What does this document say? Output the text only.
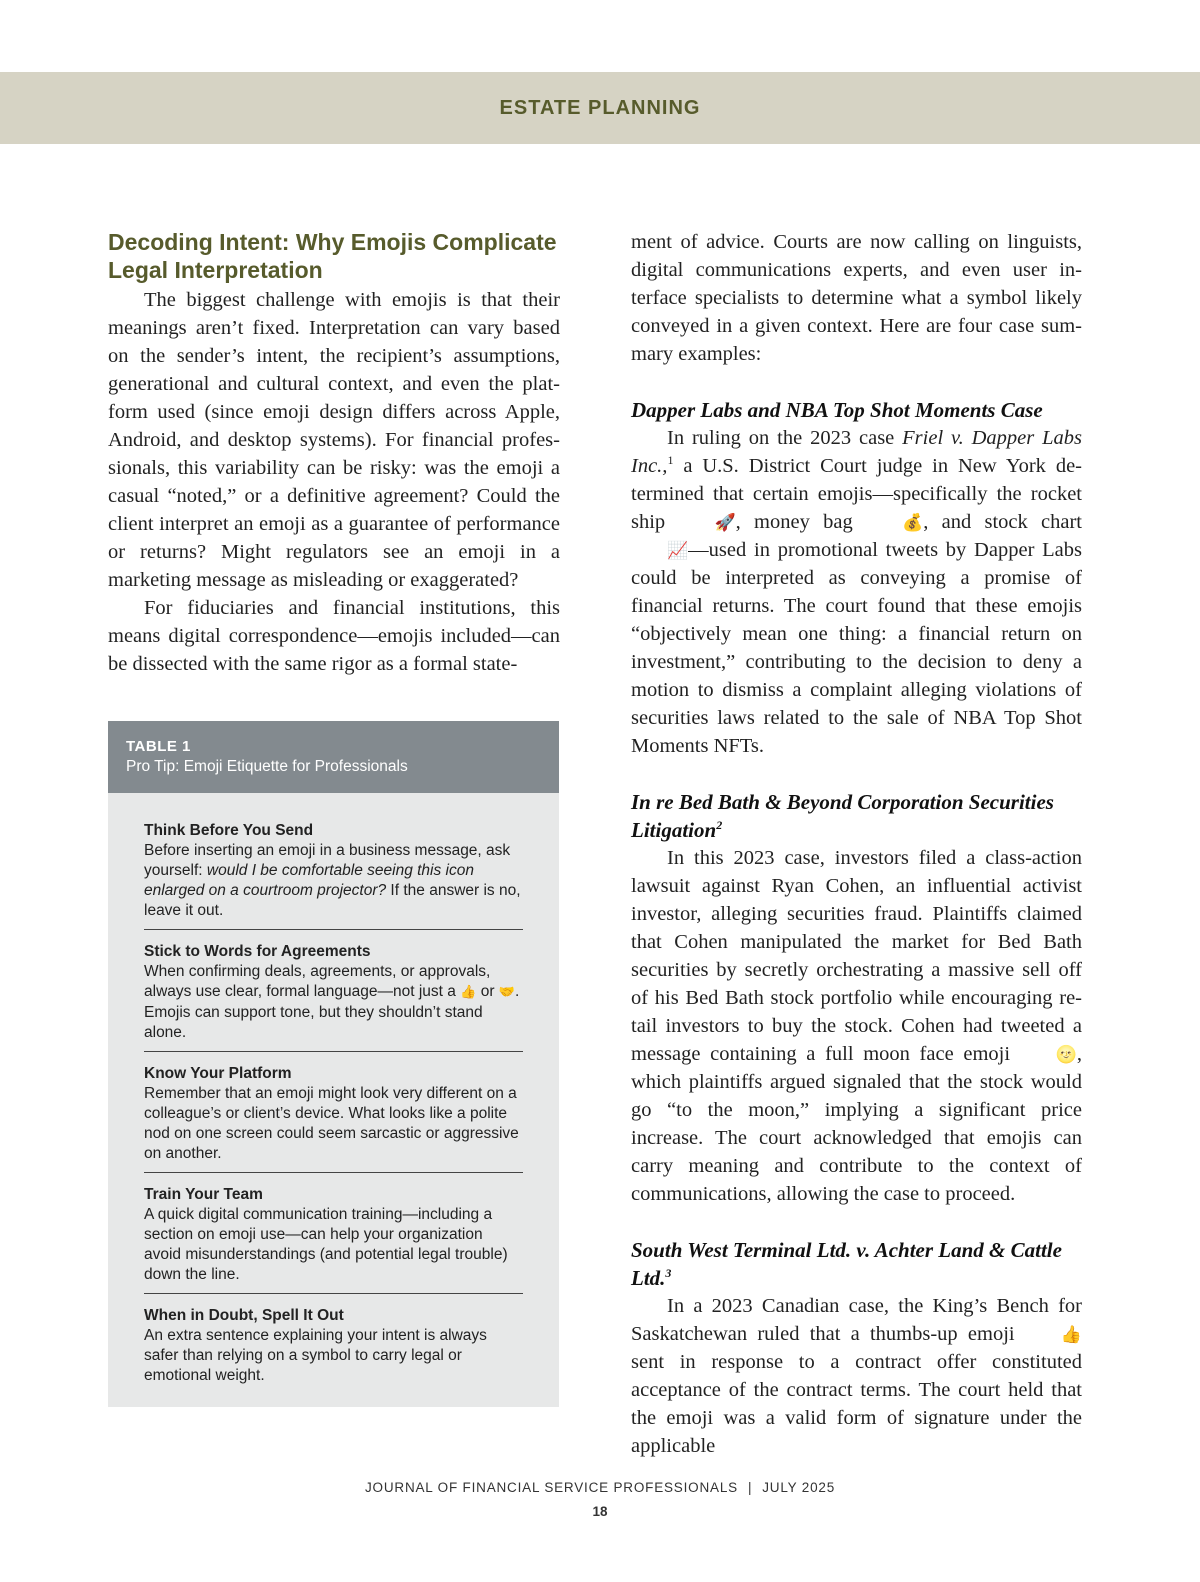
ESTATE PLANNING
Decoding Intent: Why Emojis Complicate Legal Interpretation

The biggest challenge with emojis is that their meanings aren’t fixed. Interpretation can vary based on the sender’s intent, the recipient’s assumptions, generational and cultural context, and even the platform used (since emoji design differs across Apple, Android, and desktop systems). For financial professionals, this variability can be risky: was the emoji a casual “noted,” or a definitive agreement? Could the client interpret an emoji as a guarantee of performance or returns? Might regulators see an emoji in a marketing message as misleading or exaggerated?

For fiduciaries and financial institutions, this means digital correspondence—emojis included—can be dissected with the same rigor as a formal state-

TABLE 1
Pro Tip: Emoji Etiquette for Professionals
Think Before You Send
Before inserting an emoji in a business message, ask yourself: would I be comfortable seeing this icon enlarged on a courtroom projector? If the answer is no, leave it out.
Stick to Words for Agreements
When confirming deals, agreements, or approvals, always use clear, formal language—not just a 👍 or 🤝. Emojis can support tone, but they shouldn’t stand alone.
Know Your Platform
Remember that an emoji might look very different on a colleague’s or client’s device. What looks like a polite nod on one screen could seem sarcastic or aggressive on another.
Train Your Team
A quick digital communication training—including a section on emoji use—can help your organization avoid misunderstandings (and potential legal trouble) down the line.
When in Doubt, Spell It Out
An extra sentence explaining your intent is always safer than relying on a symbol to carry legal or emotional weight.

ment of advice. Courts are now calling on linguists, digital communications experts, and even user interface specialists to determine what a symbol likely conveyed in a given context. Here are four case summary examples:

Dapper Labs and NBA Top Shot Moments Case

In ruling on the 2023 case Friel v. Dapper Labs Inc.,$^1$ a U.S. District Court judge in New York determined that certain emojis—specifically the rocket ship 🚀, money bag 💰, and stock chart 📈—used in promotional tweets by Dapper Labs could be interpreted as conveying a promise of financial returns. The court found that these emojis “objectively mean one thing: a financial return on investment,” contributing to the decision to deny a motion to dismiss a complaint alleging violations of securities laws related to the sale of NBA Top Shot Moments NFTs.

In re Bed Bath & Beyond Corporation Securities Litigation$^2$

In this 2023 case, investors filed a class-action lawsuit against Ryan Cohen, an influential activist investor, alleging securities fraud. Plaintiffs claimed that Cohen manipulated the market for Bed Bath securities by secretly orchestrating a massive sell off of his Bed Bath stock portfolio while encouraging retail investors to buy the stock. Cohen had tweeted a message containing a full moon face emoji 🌝, which plaintiffs argued signaled that the stock would go “to the moon,” implying a significant price increase. The court acknowledged that emojis can carry meaning and contribute to the context of communications, allowing the case to proceed.

South West Terminal Ltd. v. Achter Land & Cattle Ltd.$^3$

In a 2023 Canadian case, the King’s Bench for Saskatchewan ruled that a thumbs-up emoji 👍 sent in response to a contract offer constituted acceptance of the contract terms. The court held that the emoji was a valid form of signature under the applicable

JOURNAL OF FINANCIAL SERVICE PROFESSIONALS | JULY 2025
18
